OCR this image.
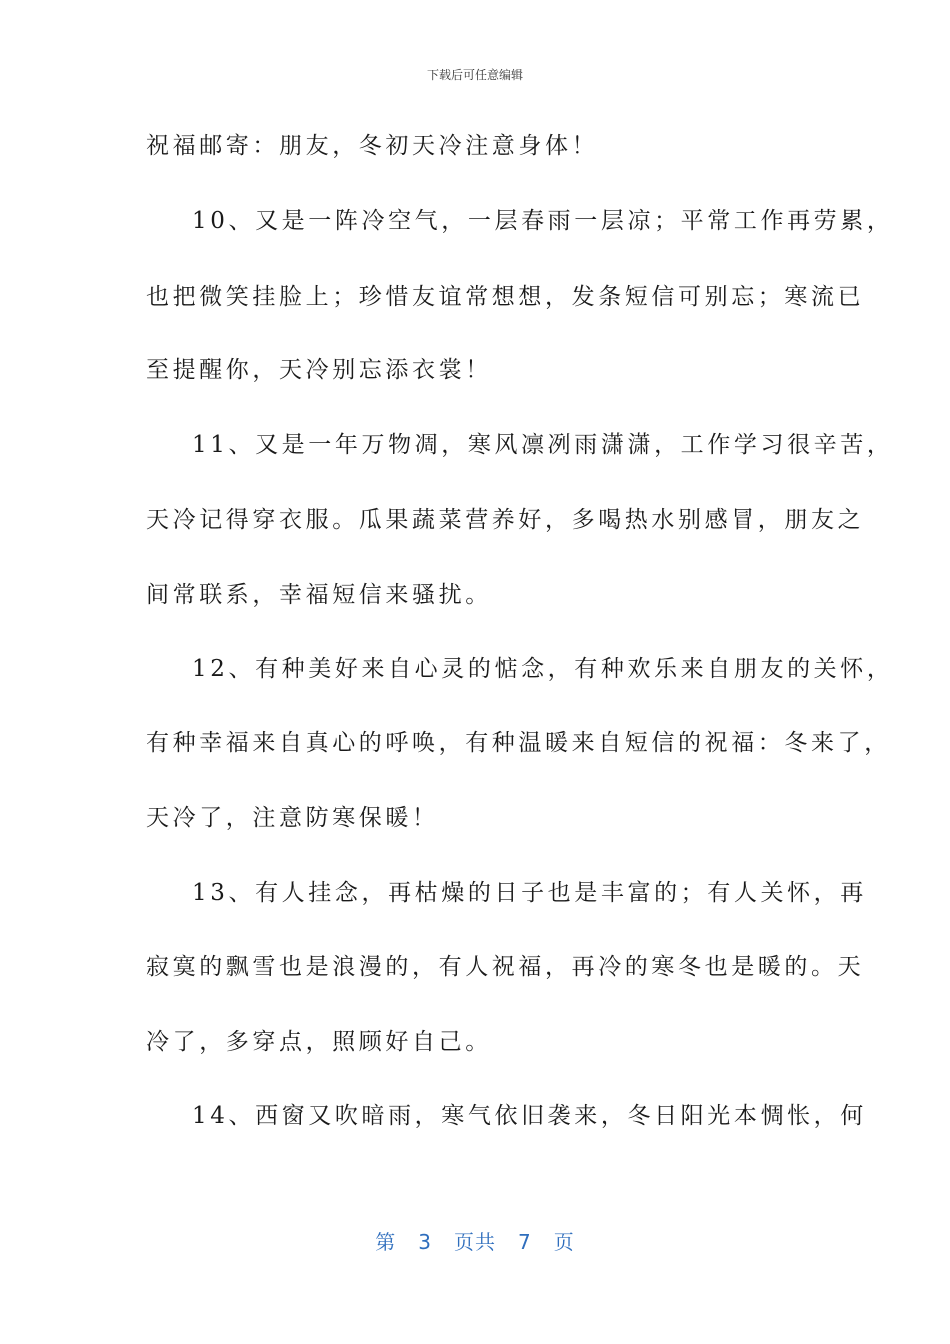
下载后可任意编辑
祝福邮寄：朋友，冬初天冷注意身体！
10、又是一阵冷空气，一层春雨一层凉；平常工作再劳累，
也把微笑挂脸上；珍惜友谊常想想，发条短信可别忘；寒流已
至提醒你，天冷别忘添衣裳！
11、又是一年万物凋，寒风凛冽雨潇潇，工作学习很辛苦，
天冷记得穿衣服。瓜果蔬菜营养好，多喝热水别感冒，朋友之
间常联系，幸福短信来骚扰。
12、有种美好来自心灵的惦念，有种欢乐来自朋友的关怀，
有种幸福来自真心的呼唤，有种温暖来自短信的祝福：冬来了，
天冷了，注意防寒保暖！
13、有人挂念，再枯燥的日子也是丰富的；有人关怀，再
寂寞的飘雪也是浪漫的，有人祝福，再冷的寒冬也是暖的。天
冷了，多穿点，照顾好自己。
14、西窗又吹暗雨，寒气依旧袭来，冬日阳光本惆怅，何
第 3 页共 7 页
